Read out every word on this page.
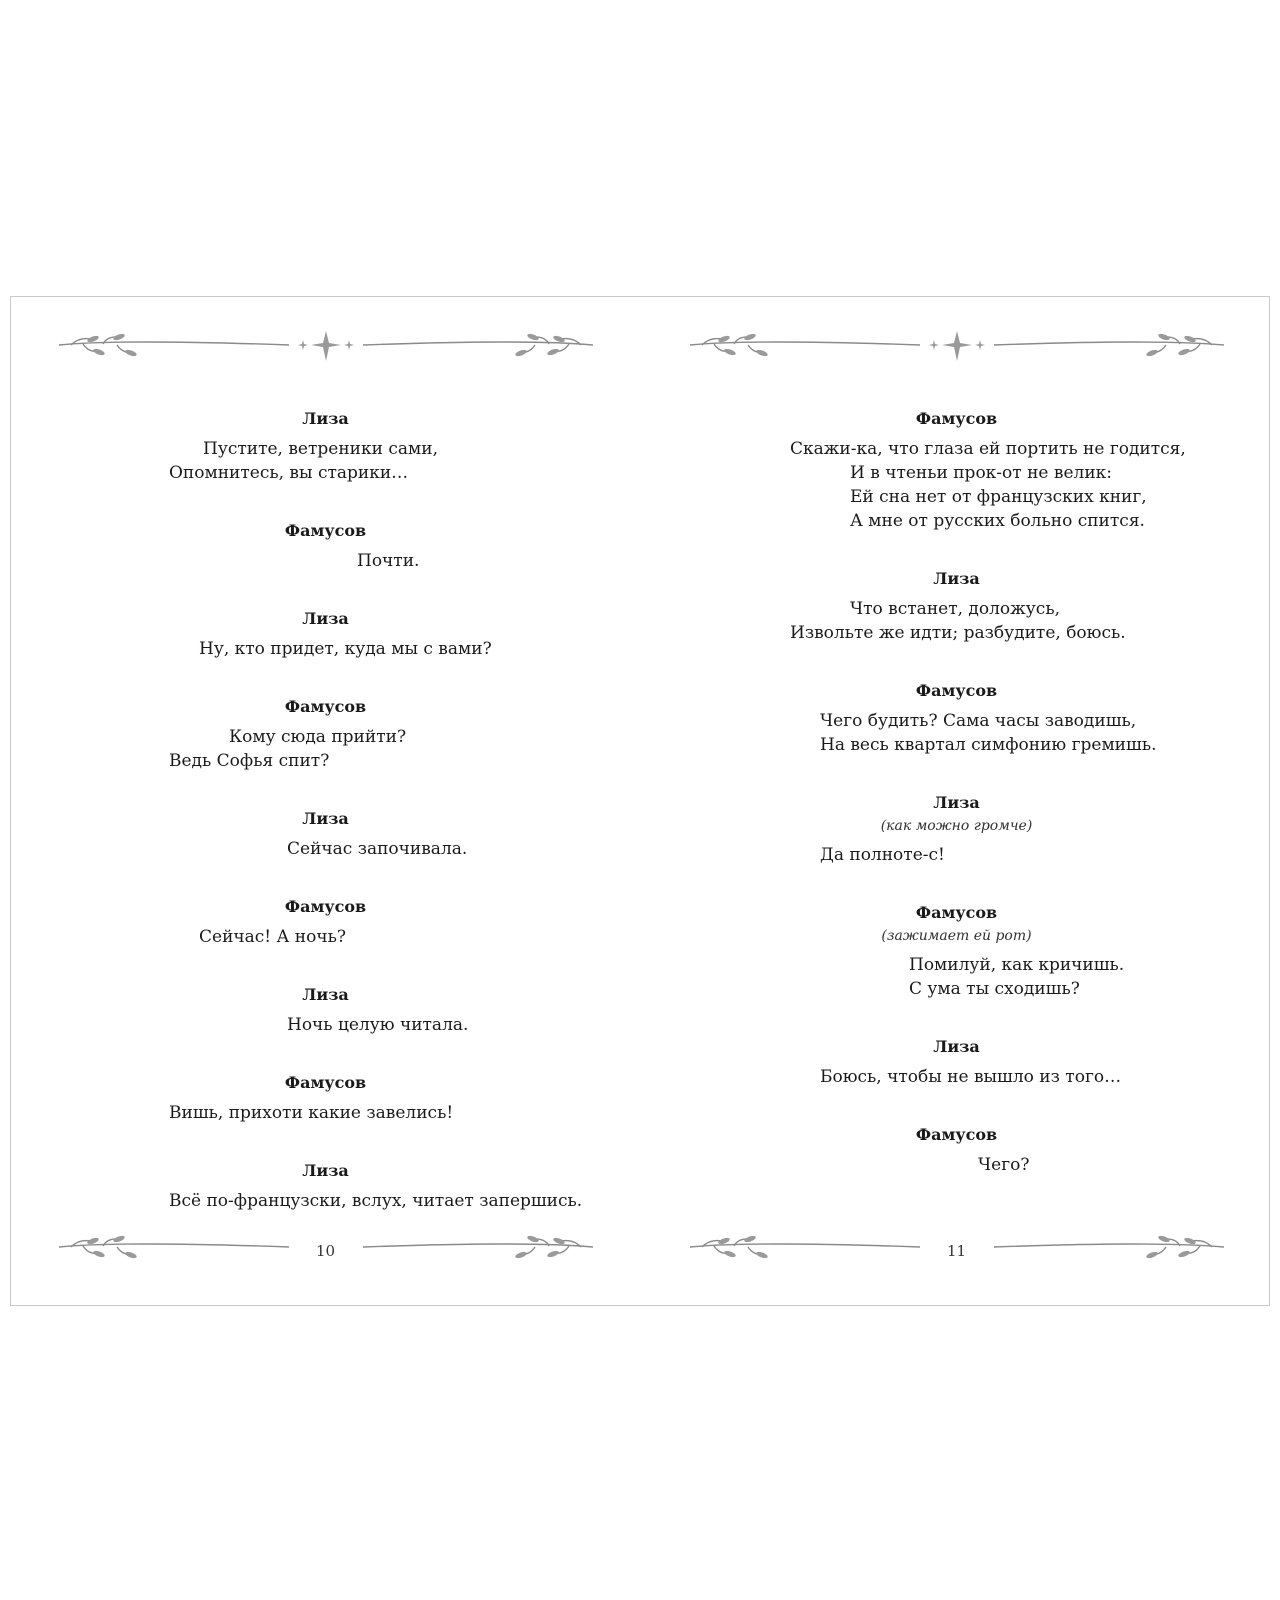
Лиза
Пустите, ветреники сами,
Опомнитесь, вы старики…
Фамусов
Почти.
Лиза
Ну, кто придет, куда мы с вами?
Фамусов
Кому сюда прийти?
Ведь Софья спит?
Лиза
Сейчас започивала.
Фамусов
Сейчас! А ночь?
Лиза
Ночь целую читала.
Фамусов
Вишь, прихоти какие завелись!
Лиза
Всё по-французски, вслух, читает запершись.
10
Фамусов
Скажи-ка, что глаза ей портить не годится,
И в чтеньи прок-от не велик:
Ей сна нет от французских книг,
А мне от русских больно спится.
Лиза
Что встанет, доложусь,
Извольте же идти; разбудите, боюсь.
Фамусов
Чего будить? Сама часы заводишь,
На весь квартал симфонию гремишь.
Лиза
(как можно громче)
Да полноте-с!
Фамусов
(зажимает ей рот)
Помилуй, как кричишь.
С ума ты сходишь?
Лиза
Боюсь, чтобы не вышло из того…
Фамусов
Чего?
11
